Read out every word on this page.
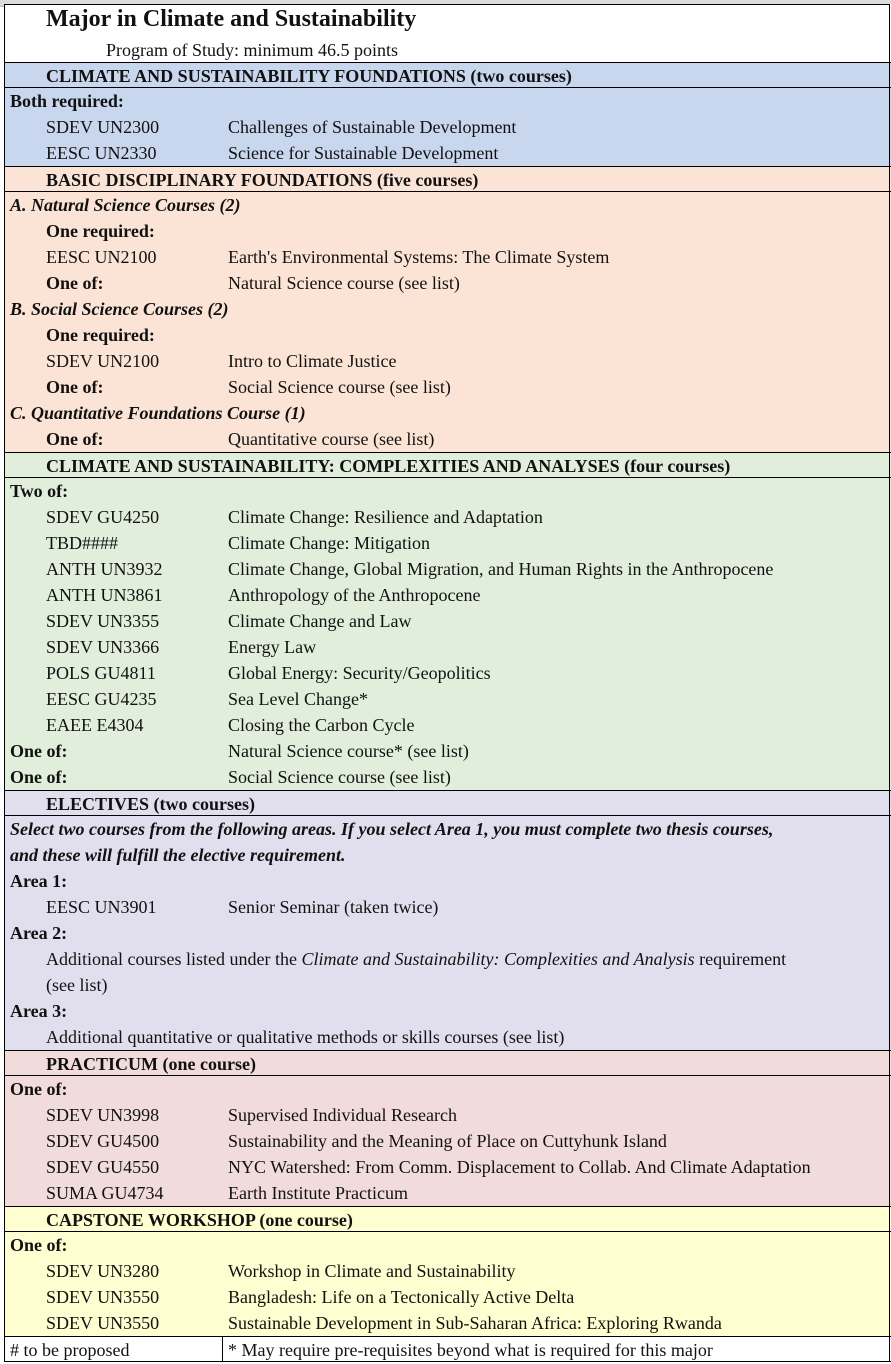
Major in Climate and Sustainability
Program of Study: minimum 46.5 points
CLIMATE AND SUSTAINABILITY FOUNDATIONS (two courses)
Both required:
SDEV UN2300	Challenges of Sustainable Development
EESC UN2330	Science for Sustainable Development
BASIC DISCIPLINARY FOUNDATIONS (five courses)
A. Natural Science Courses (2)
One required:
EESC UN2100	Earth's Environmental Systems: The Climate System
One of:	Natural Science course (see list)
B. Social Science Courses (2)
One required:
SDEV UN2100	Intro to Climate Justice
One of:	Social Science course (see list)
C. Quantitative Foundations Course (1)
One of:	Quantitative course (see list)
CLIMATE AND SUSTAINABILITY: COMPLEXITIES AND ANALYSES (four courses)
Two of:
SDEV GU4250	Climate Change: Resilience and Adaptation
TBD####	Climate Change: Mitigation
ANTH UN3932	Climate Change, Global Migration, and Human Rights in the Anthropocene
ANTH UN3861	Anthropology of the Anthropocene
SDEV UN3355	Climate Change and Law
SDEV UN3366	Energy Law
POLS GU4811	Global Energy: Security/Geopolitics
EESC GU4235	Sea Level Change*
EAEE E4304	Closing the Carbon Cycle
One of:	Natural Science course* (see list)
One of:	Social Science course (see list)
ELECTIVES (two courses)
Select two courses from the following areas. If you select Area 1, you must complete two thesis courses,
and these will fulfill the elective requirement.
Area 1:
EESC UN3901	Senior Seminar (taken twice)
Area 2:
Additional courses listed under the Climate and Sustainability: Complexities and Analysis requirement
(see list)
Area 3:
Additional quantitative or qualitative methods or skills courses (see list)
PRACTICUM (one course)
One of:
SDEV UN3998	Supervised Individual Research
SDEV GU4500	Sustainability and the Meaning of Place on Cuttyhunk Island
SDEV GU4550	NYC Watershed: From Comm. Displacement to Collab. And Climate Adaptation
SUMA GU4734	Earth Institute Practicum
CAPSTONE WORKSHOP (one course)
One of:
SDEV UN3280	Workshop in Climate and Sustainability
SDEV UN3550	Bangladesh: Life on a Tectonically Active Delta
SDEV UN3550	Sustainable Development in Sub-Saharan Africa: Exploring Rwanda
# to be proposed	* May require pre-requisites beyond what is required for this major
